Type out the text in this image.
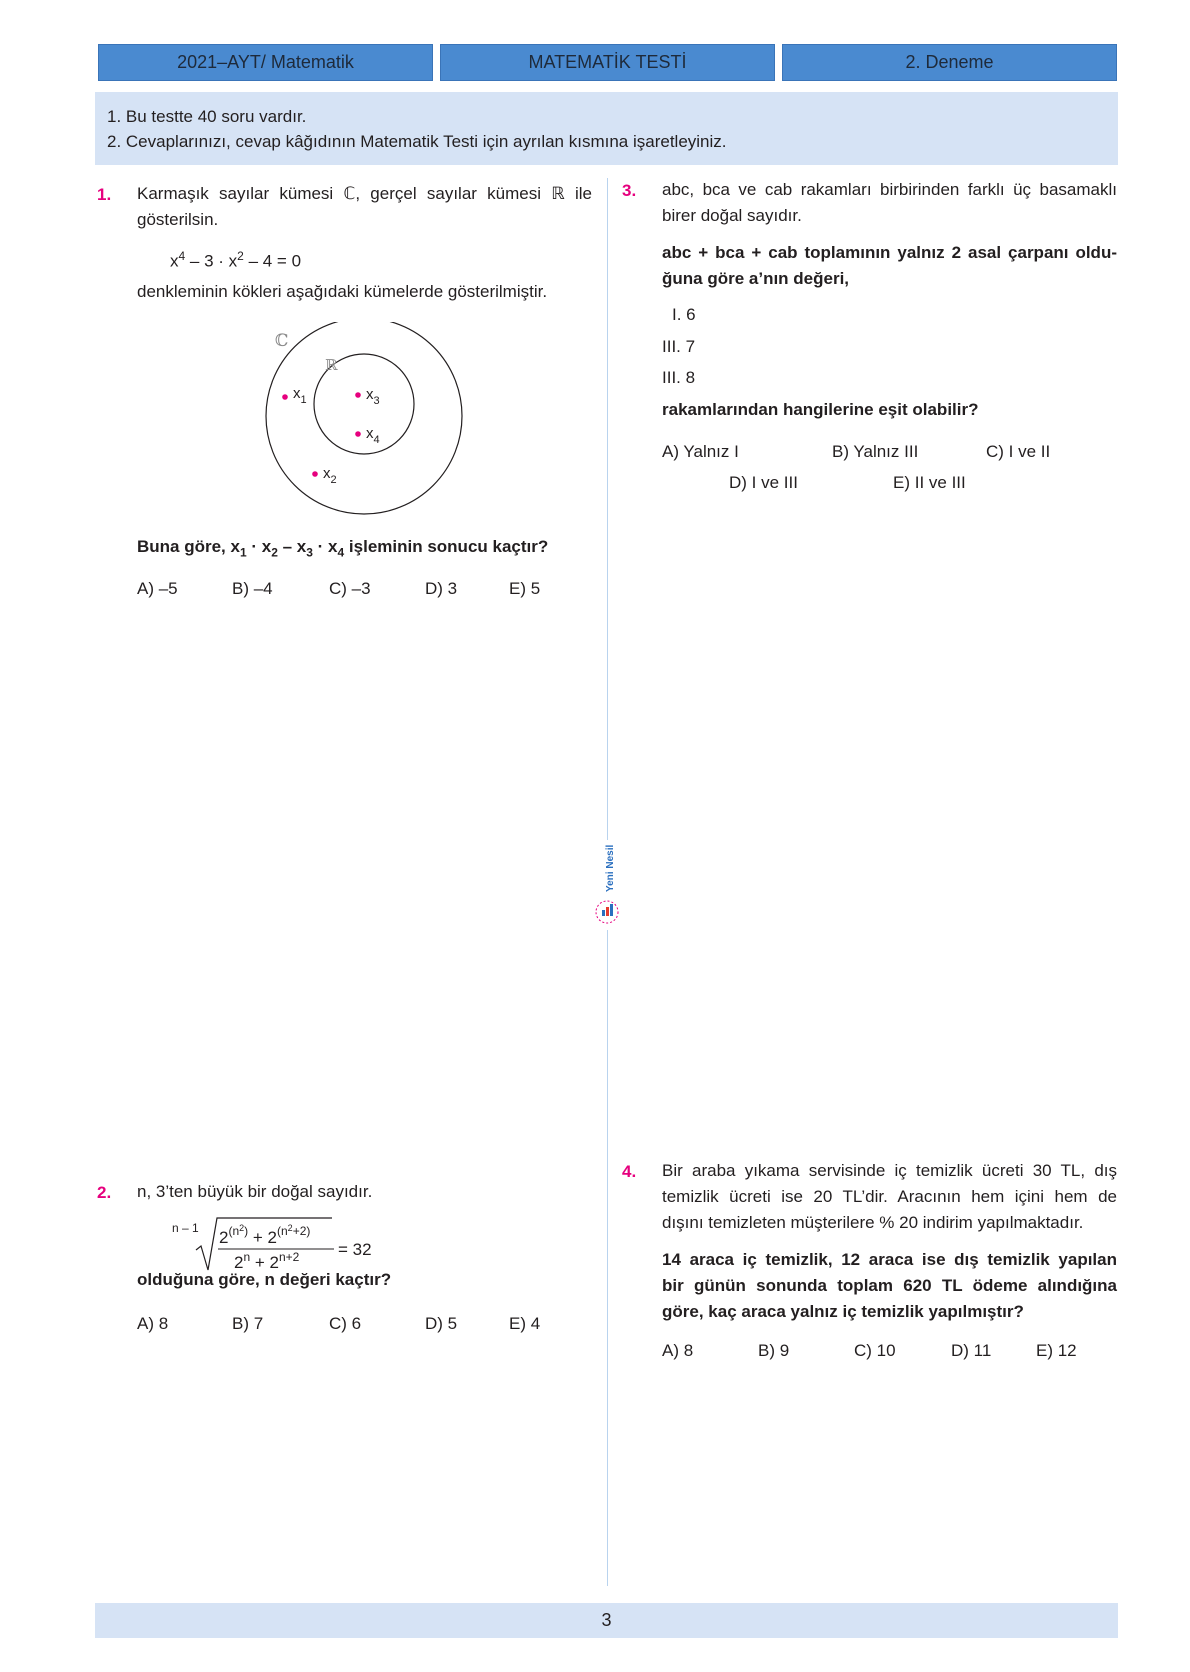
2021–AYT/ Matematik	MATEMATİK TESTİ	2. Deneme
1. Bu testte 40 soru vardır.
2. Cevaplarınızı, cevap kâğıdının Matematik Testi için ayrılan kısmına işaretleyiniz.
1. Karmaşık sayılar kümesi ℂ, gerçel sayılar kümesi ℝ ile
gösterilsin.
$x^4 - 3 \cdot x^2 - 4 = 0$
denkleminin kökleri aşağıdaki kümelerde gösterilmiştir.
ℂ
ℝ
$x_1$	$x_3$
$x_4$
$x_2$
Buna göre, $x_1 \cdot x_2 - x_3 \cdot x_4$ işleminin sonucu kaçtır?
A) –5	B) –4	C) –3	D) 3	E) 5
2. n, 3’ten büyük bir doğal sayıdır.
n – 1 $2^{(n2}_) + 2^{(n2}_{+2)}$
$2^n + 2^{n+2} = 32$
olduğuna göre, n değeri kaçtır?
A) 8	B) 7	C) 6	D) 5	E) 4
3. abc, bca ve cab rakamları birbirinden farklı üç basamaklı
birer doğal sayıdır.
abc + bca + cab toplamının yalnız 2 asal çarpanı oldu-
ğuna göre a’nın değeri,
I. 6
III. 7
III. 8
rakamlarından hangilerine eşit olabilir?
A) Yalnız I	B) Yalnız III	C) I ve II
D) I ve III	E) II ve III
4. Bir araba yıkama servisinde iç temizlik ücreti 30 TL, dış
temizlik ücreti ise 20 TL’dir. Aracının hem içini hem de
dışını temizleten müşterilere % 20 indirim yapılmaktadır.
14 araca iç temizlik, 12 araca ise dış temizlik yapılan
bir günün sonunda toplam 620 TL ödeme alındığına
göre, kaç araca yalnız iç temizlik yapılmıştır?
A) 8	B) 9	C) 10	D) 11	E) 12
Yeni Nesil
3
